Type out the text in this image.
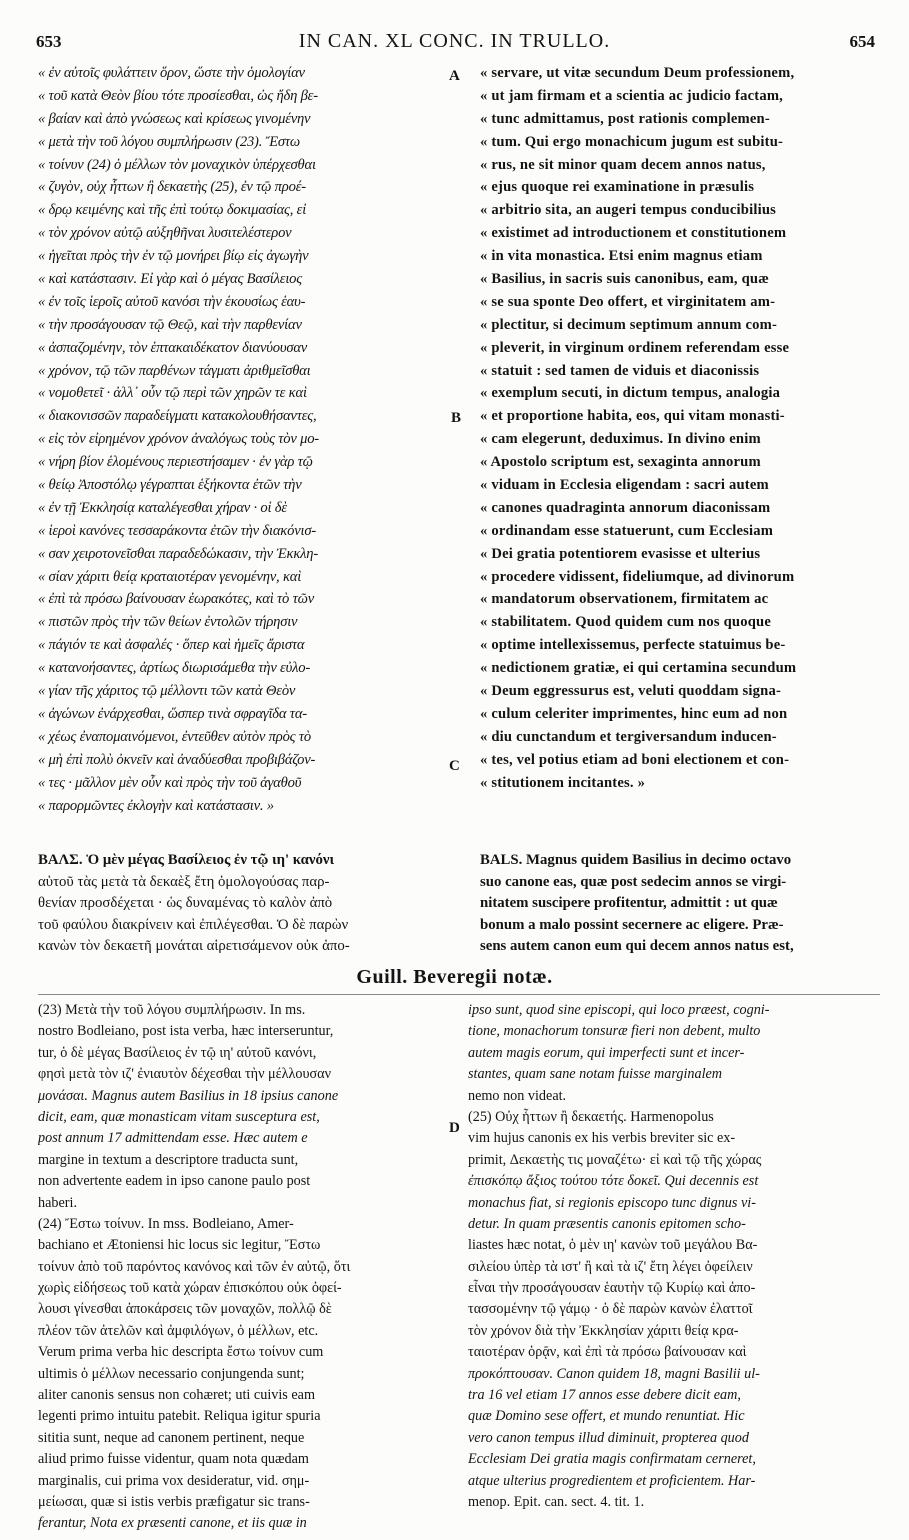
653	IN CAN. XL CONC. IN TRULLO.	654
« ἐν αὐτοῖς φυλάττειν ὅρον, ὥστε τὴν ὁμολογίαν
« τοῦ κατὰ Θεὸν βίου τότε προσίεσθαι, ὡς ἤδη βε-
« βαίαν καὶ ἀπὸ γνώσεως καὶ κρίσεως γινομένην
« μετὰ τὴν τοῦ λόγου συμπλήρωσιν (23). Ἔστω
« τοίνυν (24) ὁ μέλλων τὸν μοναχικὸν ὑπέρχεσθαι
« ζυγὸν, οὐχ ἧττων ἢ δεκαετὴς (25), ἐν τῷ προέ-
« δρῳ κειμένης καὶ τῆς ἐπὶ τούτῳ δοκιμασίας, εἰ
« τὸν χρόνον αὐτῷ αὐξηθῆναι λυσιτελέστερον
« ἡγεῖται πρὸς τὴν ἐν τῷ μονήρει βίῳ εἰς ἀγωγὴν
« καὶ κατάστασιν. Εἰ γὰρ καὶ ὁ μέγας Βασίλειος
« ἐν τοῖς ἱεροῖς αὐτοῦ κανόσι τὴν ἑκουσίως ἑαυ-
« τὴν προσάγουσαν τῷ Θεῷ, καὶ τὴν παρθενίαν
« ἀσπαζομένην, τὸν ἑπτακαιδέκατον διανύουσαν
« χρόνον, τῷ τῶν παρθένων τάγματι ἀριθμεῖσθαι
« νομοθετεῖ · ἀλλ᾽ οὖν τῷ περὶ τῶν χηρῶν τε καὶ
« διακονισσῶν παραδείγματι κατακολουθήσαντες,
« εἰς τὸν εἰρημένον χρόνον ἀναλόγως τοὺς τὸν μο-
« νήρη βίον ἑλομένους περιεστήσαμεν · ἐν γὰρ τῷ
« θείῳ Ἀποστόλῳ γέγραπται ἑξήκοντα ἐτῶν τὴν
« ἐν τῇ Ἐκκλησίᾳ καταλέγεσθαι χήραν · οἱ δὲ
« ἱεροὶ κανόνες τεσσαράκοντα ἐτῶν τὴν διακόνισ-
« σαν χειροτονεῖσθαι παραδεδώκασιν, τὴν Ἐκκλη-
« σίαν χάριτι θείᾳ κραταιοτέραν γενομένην, καὶ
« ἐπὶ τὰ πρόσω βαίνουσαν ἑωρακότες, καὶ τὸ τῶν
« πιστῶν πρὸς τὴν τῶν θείων ἐντολῶν τήρησιν
« πάγιόν τε καὶ ἀσφαλές · ὅπερ καὶ ἡμεῖς ἄριστα
« κατανοήσαντες, ἀρτίως διωρισάμεθα τὴν εὐλο-
« γίαν τῆς χάριτος τῷ μέλλοντι τῶν κατὰ Θεὸν
« ἀγώνων ἐνάρχεσθαι, ὥσπερ τινὰ σφραγῖδα τα-
« χέως ἐναπομαινόμενοι, ἐντεῦθεν αὐτὸν πρὸς τὸ
« μὴ ἐπὶ πολὺ ὀκνεῖν καὶ ἀναδύεσθαι προβιβάζον-
« τες · μᾶλλον μὲν οὖν καὶ πρὸς τὴν τοῦ ἀγαθοῦ
« παρορμῶντες ἐκλογὴν καὶ κατάστασιν. »
« servare, ut vitæ secundum Deum professionem,
« ut jam firmam et a scientia ac judicio factam,
« tunc admittamus, post rationis complemen-
« tum. Qui ergo monachicum jugum est subitu-
« rus, ne sit minor quam decem annos natus,
« ejus quoque rei examinatione in præsulis
« arbitrio sita, an augeri tempus conducibilius
« existimet ad introductionem et constitutionem
« in vita monastica. Etsi enim magnus etiam
« Basilius, in sacris suis canonibus, eam, quæ
« se sua sponte Deo offert, et virginitatem am-
« plectitur, si decimum septimum annum com-
« pleverit, in virginum ordinem referendam esse
« statuit : sed tamen de viduis et diaconissis
« exemplum secuti, in dictum tempus, analogia
« et proportione habita, eos, qui vitam monasti-
« cam elegerunt, deduximus. In divino enim
« Apostolo scriptum est, sexaginta annorum
« viduam in Ecclesia eligendam : sacri autem
« canones quadraginta annorum diaconissam
« ordinandam esse statuerunt, cum Ecclesiam
« Dei gratia potentiorem evasisse et ulterius
« procedere vidissent, fideliumque, ad divinorum
« mandatorum observationem, firmitatem ac
« stabilitatem. Quod quidem cum nos quoque
« optime intellexissemus, perfecte statuimus be-
« nedictionem gratiæ, ei qui certamina secundum
« Deum eggressurus est, veluti quoddam signa-
« culum celeriter imprimentes, hinc eum ad non
« diu cunctandum et tergiversandum inducen-
« tes, vel potius etiam ad boni electionem et con-
« stitutionem incitantes. »
A
B
C
D
ΒΑΛΣ. Ὁ μὲν μέγας Βασίλειος ἐν τῷ ιη' κανόνι
αὑτοῦ τὰς μετὰ τὰ δεκαὲξ ἔτη ὁμολογούσας παρ-
θενίαν προσδέχεται · ὡς δυναμένας τὸ καλὸν ἀπὸ
τοῦ φαύλου διακρίνειν καὶ ἐπιλέγεσθαι. Ὁ δὲ παρὼν
κανὼν τὸν δεκαετῆ μονάται αἱρετισάμενον οὐκ ἀπο-
BALS. Magnus quidem Basilius in decimo octavo
suo canone eas, quæ post sedecim annos se virgi-
nitatem suscipere profitentur, admittit : ut quæ
bonum a malo possint secernere ac eligere. Præ-
sens autem canon eum qui decem annos natus est,
Guill. Beveregii notæ.
(23) Μετὰ τὴν τοῦ λόγου συμπλήρωσιν. In ms.
nostro Bodleiano, post ista verba, hæc interseruntur,
tur, ὁ δὲ μέγας Βασίλειος ἐν τῷ ιη' αὐτοῦ κανόνι,
φησὶ μετὰ τὸν ιζ' ἐνιαυτὸν δέχεσθαι τὴν μέλλουσαν
μονάσαι. Magnus autem Basilius in 18 ipsius canone
dicit, eam, quæ monasticam vitam susceptura est,
post annum 17 admittendam esse. Hæc autem e
margine in textum a descriptore traducta sunt,
non advertente eadem in ipso canone paulo post
haberi.
(24) Ἔστω τοίνυν. In mss. Bodleiano, Amer-
bachiano et Ætoniensi hic locus sic legitur, Ἔστω
τοίνυν ἀπὸ τοῦ παρόντος κανόνος καὶ τῶν ἐν αὐτῷ, ὅτι
χωρὶς εἰδήσεως τοῦ κατὰ χώραν ἐπισκόπου οὐκ ὀφεί-
λουσι γίνεσθαι ἀποκάρσεις τῶν μοναχῶν, πολλῷ δὲ
πλέον τῶν ἀτελῶν καὶ ἀμφιλόγων, ὁ μέλλων, etc.
Verum prima verba hic descripta ἔστω τοίνυν cum
ultimis ὁ μέλλων necessario conjungenda sunt;
aliter canonis sensus non cohæret; uti cuivis eam
legenti primo intuitu patebit. Reliqua igitur spuria
sititia sunt, neque ad canonem pertinent, neque
aliud primo fuisse videntur, quam nota quædam
marginalis, cui prima vox desideratur, vid. σημ-
μείωσαι, quæ si istis verbis præfigatur sic trans-
ferantur, Nota ex præsenti canone, et iis quæ in
ipso sunt, quod sine episcopi, qui loco præest, cogni-
tione, monachorum tonsuræ fieri non debent, multo
autem magis eorum, qui imperfecti sunt et incer-
stantes, quam sane notam fuisse marginalem
nemo non videat.
(25) Οὐχ ἧττων ἢ δεκαετής. Harmenopolus
vim hujus canonis ex his verbis breviter sic ex-
primit, Δεκαετὴς τις μοναζέτω· εἰ καὶ τῷ τῆς χώρας
ἐπισκόπῳ ἄξιος τούτου τότε δοκεῖ. Qui decennis est
monachus fiat, si regionis episcopo tunc dignus vi-
detur. In quam præsentis canonis epitomen scho-
liastes hæc notat, ὁ μὲν ιη' κανὼν τοῦ μεγάλου Βα-
σιλείου ὑπὲρ τὰ ιστ' ἢ καὶ τὰ ιζ' ἔτη λέγει ὀφείλειν
εἶναι τὴν προσάγουσαν ἑαυτὴν τῷ Κυρίῳ καὶ ἀπο-
τασσομένην τῷ γάμῳ · ὁ δὲ παρὼν κανὼν ἐλαττοῖ
τὸν χρόνον διὰ τὴν Ἐκκλησίαν χάριτι θείᾳ κρα-
ταιοτέραν ὁρᾷν, καὶ ἐπὶ τὰ πρόσω βαίνουσαν καὶ
προκόπτουσαν. Canon quidem 18, magni Basilii ul-
tra 16 vel etiam 17 annos esse debere dicit eam,
quæ Domino sese offert, et mundo renuntiat. Hic
vero canon tempus illud diminuit, propterea quod
Ecclesiam Dei gratia magis confirmatam cerneret,
atque ulterius progredientem et proficientem. Har-
menop. Epit. can. sect. 4. tit. 1.
